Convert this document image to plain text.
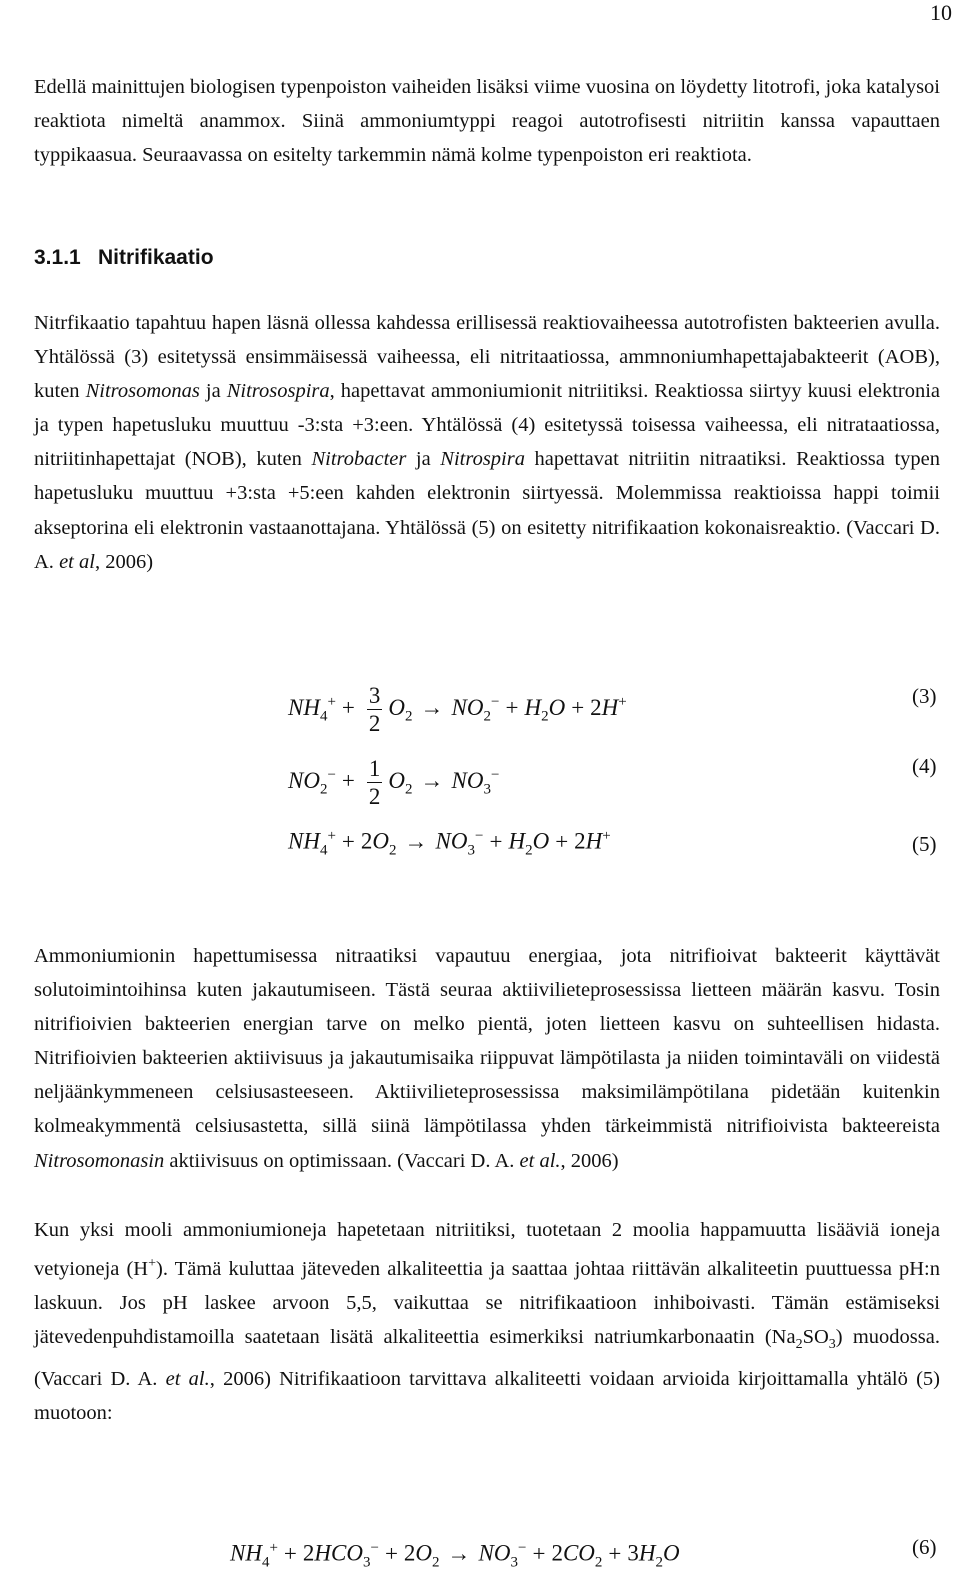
10
Edellä mainittujen biologisen typenpoiston vaiheiden lisäksi viime vuosina on löydetty litotrofi, joka katalysoi reaktiota nimeltä anammox. Siinä ammoniumtyppi reagoi autotrofisesti nitriitin kanssa vapauttaen typpikaasua. Seuraavassa on esitelty tarkemmin nämä kolme typenpoiston eri reaktiota.
3.1.1 Nitrifikaatio
Nitrfikaatio tapahtuu hapen läsnä ollessa kahdessa erillisessä reaktiovaiheessa autotrofisten bakteerien avulla. Yhtälössä (3) esitetyssä ensimmäisessä vaiheessa, eli nitritaatiossa, ammnoniumhapettajabakteerit (AOB), kuten Nitrosomonas ja Nitrosospira, hapettavat ammoniumionit nitriitiksi. Reaktiossa siirtyy kuusi elektronia ja typen hapetusluku muuttuu -3:sta +3:een. Yhtälössä (4) esitetyssä toisessa vaiheessa, eli nitrataatiossa, nitriitinhapettajat (NOB), kuten Nitrobacter ja Nitrospira hapettavat nitriitin nitraatiksi. Reaktiossa typen hapetusluku muuttuu +3:sta +5:een kahden elektronin siirtyessä. Molemmissa reaktioissa happi toimii akseptorina eli elektronin vastaanottajana. Yhtälössä (5) on esitetty nitrifikaation kokonaisreaktio. (Vaccari D. A. et al, 2006)
$NH_4^+ + \frac{3}{2} O_2 \to NO_2^- + H_2O + 2H^+$	(3)
$NO_2^- + \frac{1}{2} O_2 \to NO_3^-$	(4)
$NH_4^+ + 2O_2 \to NO_3^- + H_2O + 2H^+$	(5)
Ammoniumionin hapettumisessa nitraatiksi vapautuu energiaa, jota nitrifioivat bakteerit käyttävät solutoimintoihinsa kuten jakautumiseen. Tästä seuraa aktiivilieteprosessissa lietteen määrän kasvu. Tosin nitrifioivien bakteerien energian tarve on melko pientä, joten lietteen kasvu on suhteellisen hidasta. Nitrifioivien bakteerien aktiivisuus ja jakautumisaika riippuvat lämpötilasta ja niiden toimintaväli on viidestä neljäänkymmeneen celsiusasteeseen. Aktiivilieteprosessissa maksimilämpötilana pidetään kuitenkin kolmeakymmentä celsiusastetta, sillä siinä lämpötilassa yhden tärkeimmistä nitrifioivista bakteereista Nitrosomonasin aktiivisuus on optimissaan. (Vaccari D. A. et al., 2006)
Kun yksi mooli ammoniumioneja hapetetaan nitriitiksi, tuotetaan 2 moolia happamuutta lisääviä ioneja vetyioneja (H+). Tämä kuluttaa jäteveden alkaliteettia ja saattaa johtaa riittävän alkaliteetin puuttuessa pH:n laskuun. Jos pH laskee arvoon 5,5, vaikuttaa se nitrifikaatioon inhiboivasti. Tämän estämiseksi jätevedenpuhdistamoilla saatetaan lisätä alkaliteettia esimerkiksi natriumkarbonaatin $(Na_2SO_3)$ muodossa. (Vaccari D. A. et al., 2006) Nitrifikaatioon tarvittava alkaliteetti voidaan arvioida kirjoittamalla yhtälö (5) muotoon:
$NH_4^+ + 2HCO_3^- + 2O_2 \to NO_3^- + 2CO_2 + 3H_2O$	(6)
